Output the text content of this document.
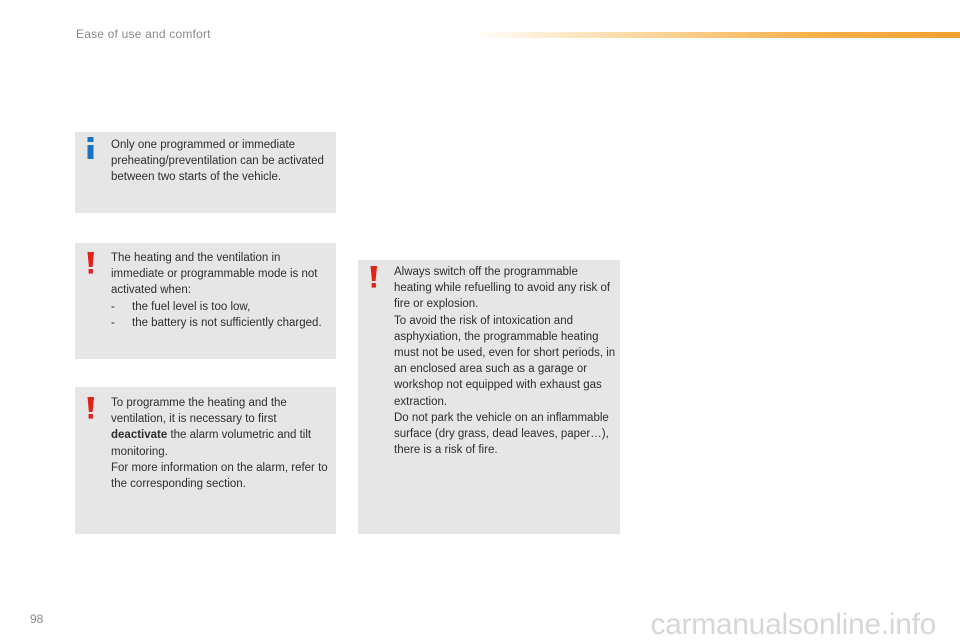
Ease of use and comfort

Only one programmed or immediate preheating/preventilation can be activated between two starts of the vehicle.

The heating and the ventilation in immediate or programmable mode is not activated when:

- the fuel level is too low,
- the battery is not sufficiently charged.

To programme the heating and the ventilation, it is necessary to first deactivate the alarm volumetric and tilt monitoring.

For more information on the alarm, refer to the corresponding section.

Always switch off the programmable heating while refuelling to avoid any risk of fire or explosion.

To avoid the risk of intoxication and asphyxiation, the programmable heating must not be used, even for short periods, in an enclosed area such as a garage or workshop not equipped with exhaust gas extraction.

Do not park the vehicle on an inflammable surface (dry grass, dead leaves, paper…), there is a risk of fire.

98	carmanualsonline.info
